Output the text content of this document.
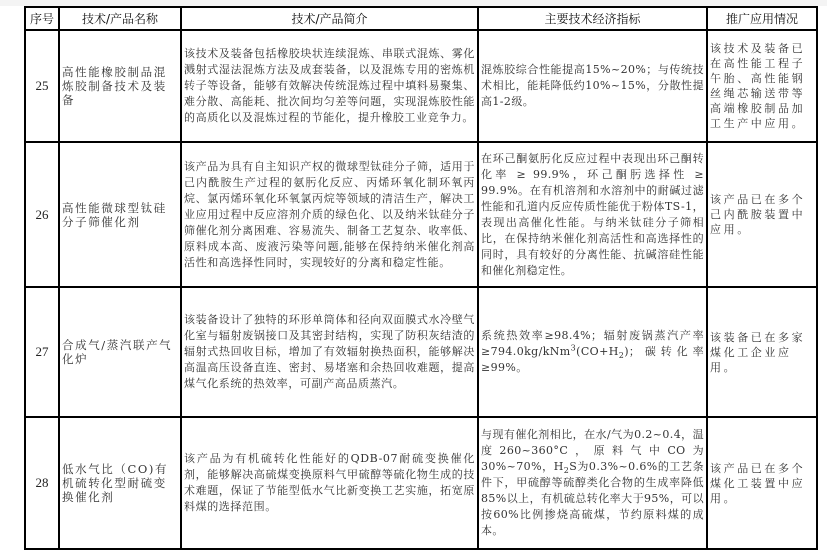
序号	技术/产品名称	技术/产品简介	主要技术经济指标	推广应用情况
25	高性能橡胶制品混炼胶制备技术及装备	该技术及装备包括橡胶块状连续混炼、串联式混炼、雾化溅射式湿法混炼方法及成套装备，以及混炼专用的密炼机转子等设备，能够有效解决传统混炼过程中填料易聚集、难分散、高能耗、批次间均匀差等问题，实现混炼胶性能的高质化以及混炼过程的节能化，提升橡胶工业竞争力。	混炼胶综合性能提高15%~20%；与传统技术相比，能耗降低约10%~15%，分散性提高1-2级。	该技术及装备已在高性能工程子午胎、高性能钢丝绳芯输送带等高端橡胶制品加工生产中应用。
26	高性能微球型钛硅分子筛催化剂	该产品为具有自主知识产权的微球型钛硅分子筛，适用于己内酰胺生产过程的氨肟化反应、丙烯环氧化制环氧丙烷、氯丙烯环氧化环氧氯丙烷等领域的清洁生产，解决工业应用过程中反应溶剂介质的绿色化、以及纳米钛硅分子筛催化剂分离困难、容易流失、制备工艺复杂、收率低、原料成本高、废液污染等问题,能够在保持纳米催化剂高活性和高选择性同时，实现较好的分离和稳定性能。	在环己酮氨肟化反应过程中表现出环己酮转化率 ≥ 99.9%，环己酮肟选择性 ≥ 99.9%。在有机溶剂和水溶剂中的耐碱过滤性能和孔道内反应传质性能优于粉体TS-1，表现出高催化性能。与纳米钛硅分子筛相比，在保持纳米催化剂高活性和高选择性的同时，具有较好的分离性能、抗碱溶硅性能和催化剂稳定性。	该产品已在多个己内酰胺装置中应用。
27	合成气/蒸汽联产气化炉	该装备设计了独特的环形单筒体和径向双面膜式水冷壁气化室与辐射废锅接口及其密封结构，实现了防积灰结渣的辐射式热回收目标，增加了有效辐射换热面积，能够解决高温高压设备直连、密封、易堵塞和余热回收难题，提高煤气化系统的热效率，可副产高品质蒸汽。	系统热效率≥98.4%；辐射废锅蒸汽产率$\ge 794.0kg/kNm^3(CO+H_2)$；碳转化率≥99%。	该装备已在多家煤化工企业应用。
28	低水气比（CO)有机硫转化型耐硫变换催化剂	该产品为有机硫转化性能好的QDB-07耐硫变换催化剂，能够解决高硫煤变换原料气甲硫醇等硫化物生成的技术难题，保证了节能型低水气比新变换工艺实施，拓宽原料煤的选择范围。	与现有催化剂相比，在水/气为0.2~0.4，温度260~360°C，原料气中CO为30%~70%，$H_2S$为0.3%~0.6%的工艺条件下，甲硫醇等硫醇类化合物的生成率降低85%以上，有机硫总转化率大于95%，可以按60%比例掺烧高硫煤，节约原料煤的成本。	该产品已在多个煤化工装置中应用。
